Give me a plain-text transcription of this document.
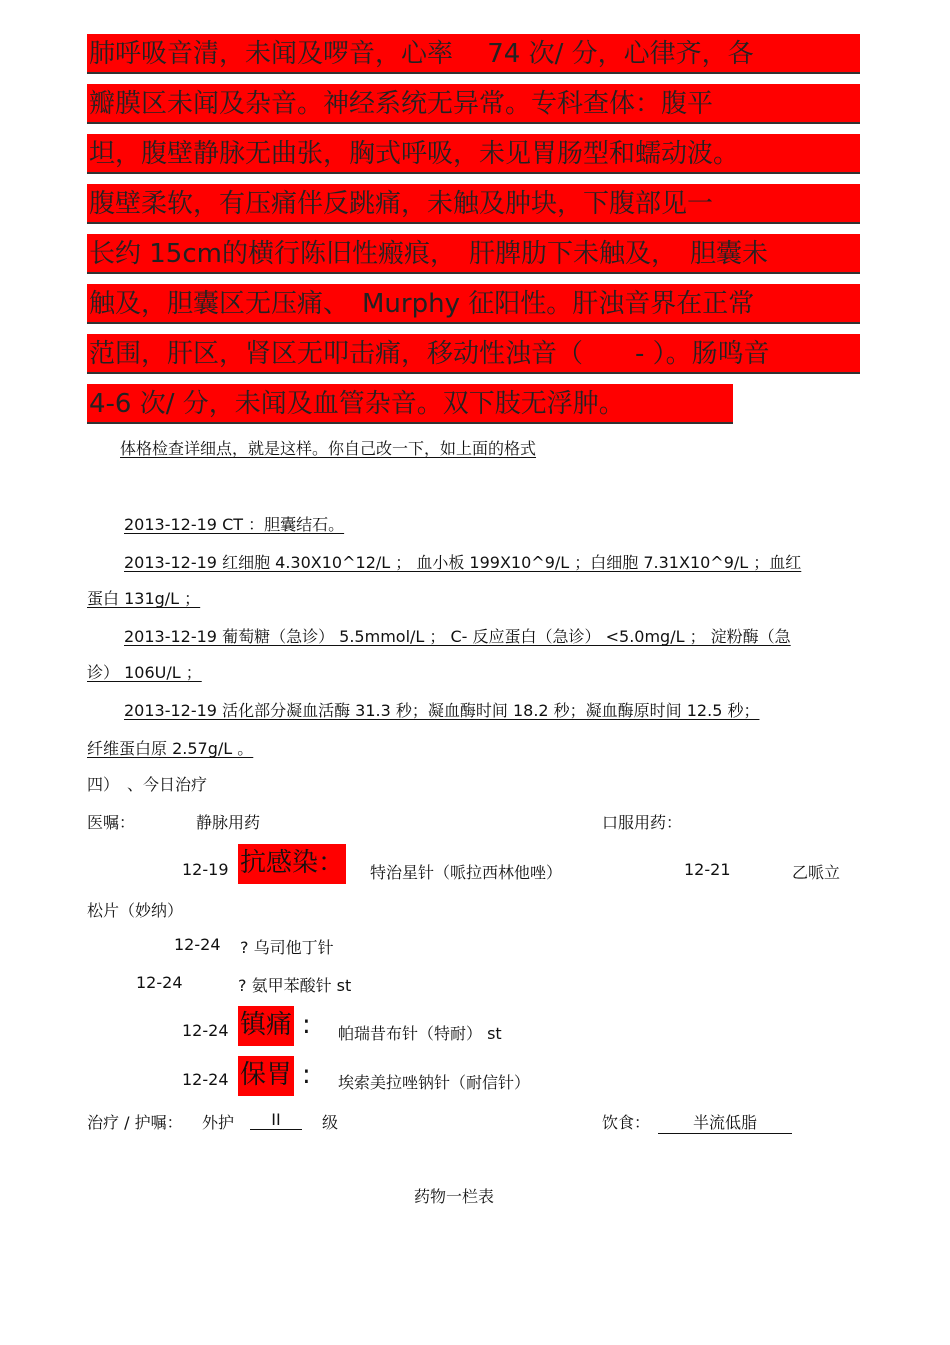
肺呼吸音清，未闻及啰音，心率　 74 次/ 分，心律齐，各
瓣膜区未闻及杂音。神经系统无异常。专科查体：腹平
坦，腹壁静脉无曲张，胸式呼吸，未见胃肠型和蠕动波。
腹壁柔软，有压痛伴反跳痛，未触及肿块，下腹部见一
长约 15cm的横行陈旧性瘢痕，　肝脾肋下未触及，　胆囊未
触及，胆囊区无压痛、　Murphy 征阳性。肝浊音界在正常
范围，肝区，肾区无叩击痛，移动性浊音（　　- ）。肠鸣音
4-6 次/ 分，未闻及血管杂音。双下肢无浮肿。
体格检查详细点，就是这样。你自己改一下，如上面的格式
2013-12-19 CT ：胆囊结石。
2013-12-19 红细胞 4.30X10^12/L ； 血小板 199X10^9/L ；白细胞 7.31X10^9/L ；血红
蛋白 131g/L ；
2013-12-19 葡萄糖（急诊） 5.5mmol/L ； C- 反应蛋白（急诊） <5.0mg/L ； 淀粉酶（急
诊） 106U/L ；
2013-12-19 活化部分凝血活酶 31.3 秒；凝血酶时间 18.2 秒；凝血酶原时间 12.5 秒；
纤维蛋白原 2.57g/L 。
四）　、今日治疗
医嘱：	静脉用药	口服用药：
12-19 抗感染： 特治星针（哌拉西林他唑）	12-21	乙哌立
松片（妙纳）
12-24 ? 乌司他丁针
12-24	? 氨甲苯酸针 st
12-24 镇痛 : 帕瑞昔布针（特耐） st
12-24 保胃 : 埃索美拉唑钠针（耐信针）
治疗 / 护嘱： 外护	II	级	饮食：	半流低脂
药物一栏表
